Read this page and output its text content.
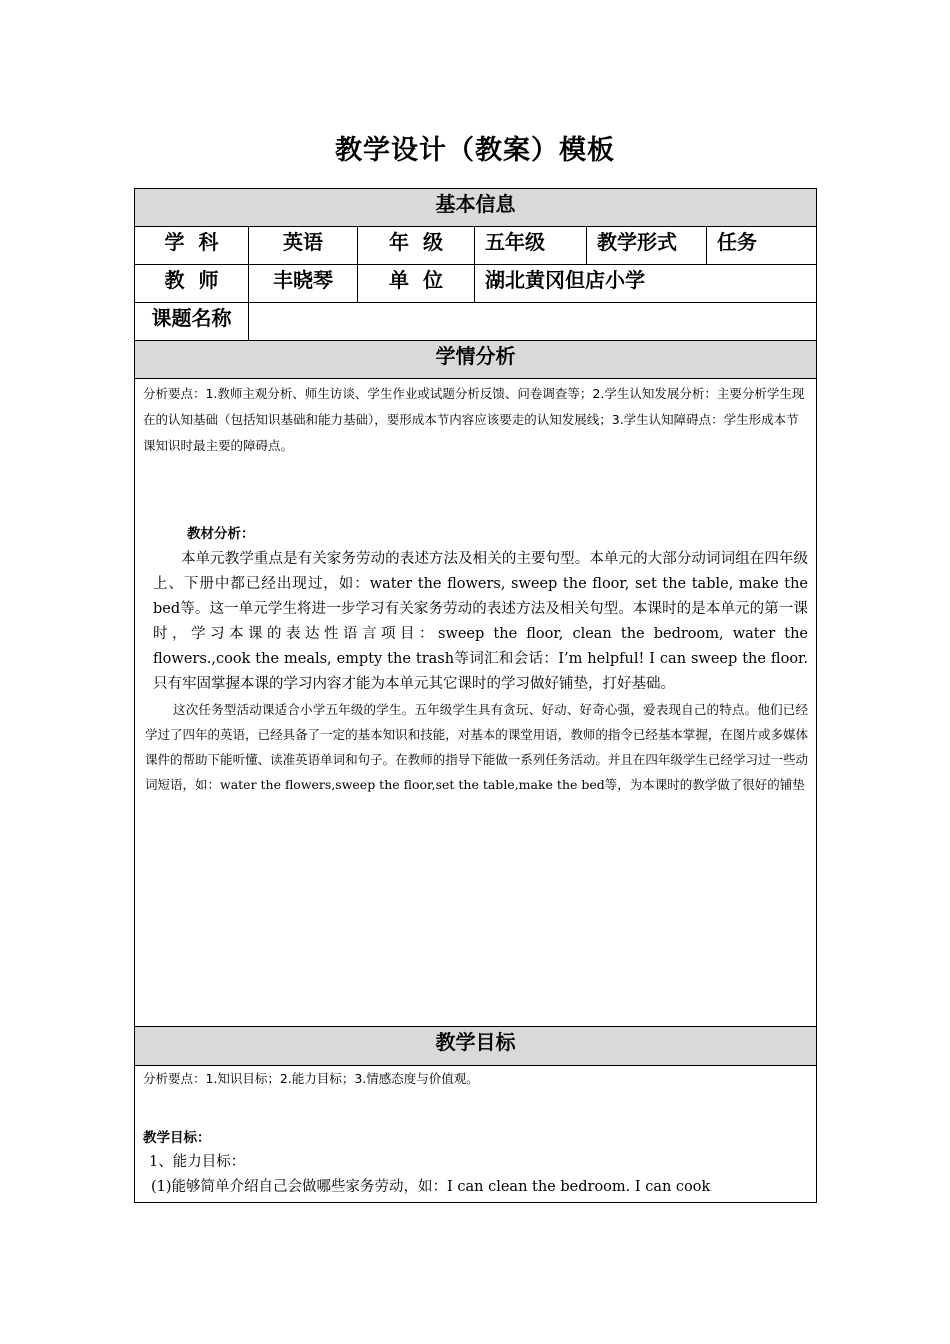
教学设计（教案）模板
基本信息					
学  科	英语	年  级	五年级	教学形式	任务
教  师	丰晓琴	单  位	湖北黄冈但店小学		
课题名称					
学情分析					

分析要点：1.教师主观分析、师生访谈、学生作业或试题分析反馈、问卷调查等；2.学生认知发展分析：主要分析学生现在的认知基础（包括知识基础和能力基础），要形成本节内容应该要走的认知发展线；3.学生认知障碍点：学生形成本节课知识时最主要的障碍点。

教材分析：

本单元教学重点是有关家务劳动的表述方法及相关的主要句型。本单元的大部分动词词组在四年级上、下册中都已经出现过，如：water the flowers, sweep the floor, set the table, make the bed等。这一单元学生将进一步学习有关家务劳动的表述方法及相关句型。本课时的是本单元的第一课时，学习本课的表达性语言项目：sweep the floor, clean the bedroom, water the flowers.,cook the meals, empty the trash等词汇和会话：I’m helpful! I can sweep the floor.只有牢固掌握本课的学习内容才能为本单元其它课时的学习做好铺垫，打好基础。

这次任务型活动课适合小学五年级的学生。五年级学生具有贪玩、好动、好奇心强，爱表现自己的特点。他们已经学过了四年的英语，已经具备了一定的基本知识和技能，对基本的课堂用语，教师的指令已经基本掌握，在图片或多媒体课件的帮助下能听懂、读准英语单词和句子。在教师的指导下能做一系列任务活动。并且在四年级学生已经学习过一些动词短语，如：water the flowers,sweep the floor,set the table,make the bed等，为本课时的教学做了很好的铺垫					

教学目标					

分析要点：1.知识目标；2.能力目标；3.情感态度与价值观。

教学目标：

1、能力目标：

(1)能够简单介绍自己会做哪些家务劳动，如：I can clean the bedroom. I can cook					
